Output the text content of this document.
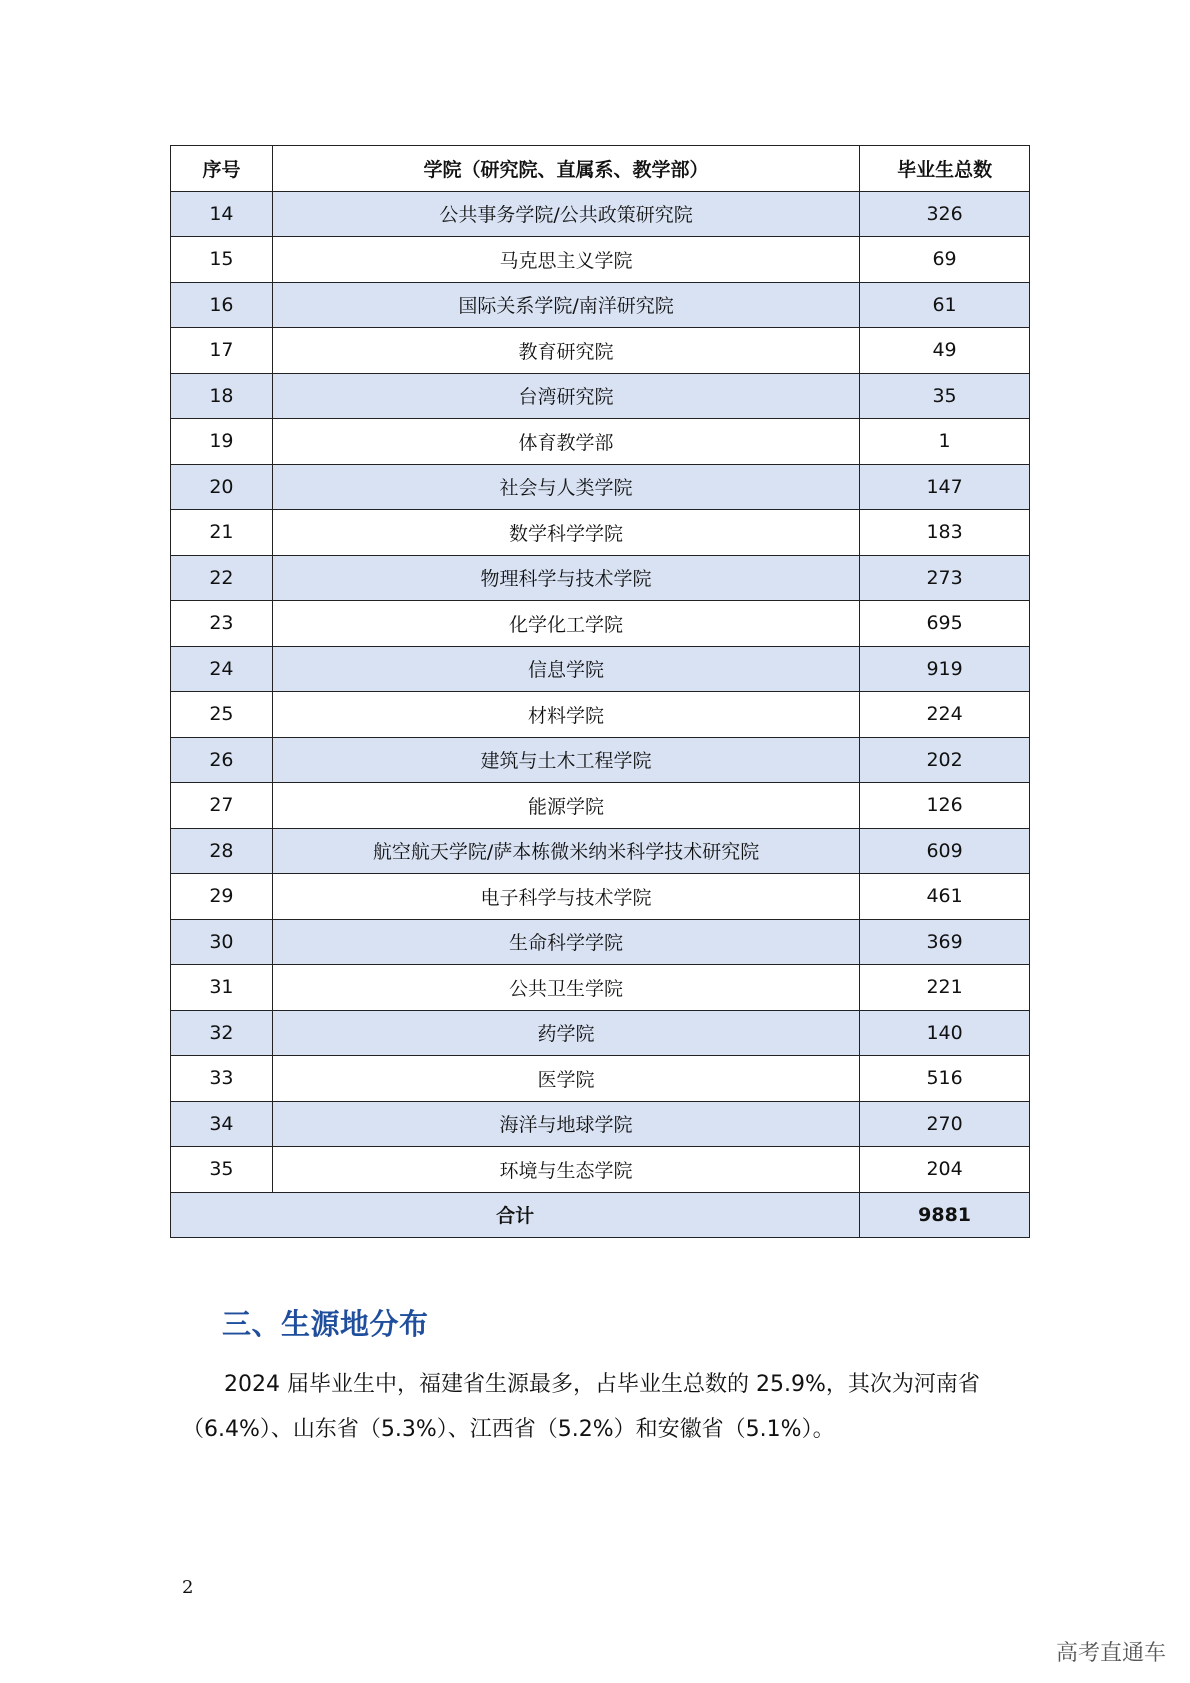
序号	学院（研究院、直属系、教学部）	毕业生总数
14	公共事务学院/公共政策研究院	326
15	马克思主义学院	69
16	国际关系学院/南洋研究院	61
17	教育研究院	49
18	台湾研究院	35
19	体育教学部	1
20	社会与人类学院	147
21	数学科学学院	183
22	物理科学与技术学院	273
23	化学化工学院	695
24	信息学院	919
25	材料学院	224
26	建筑与土木工程学院	202
27	能源学院	126
28	航空航天学院/萨本栋微米纳米科学技术研究院	609
29	电子科学与技术学院	461
30	生命科学学院	369
31	公共卫生学院	221
32	药学院	140
33	医学院	516
34	海洋与地球学院	270
35	环境与生态学院	204
合计		9881
三、生源地分布
2024 届毕业生中，福建省生源最多，占毕业生总数的 25.9%，其次为河南省（6.4%）、山东省（5.3%）、江西省（5.2%）和安徽省（5.1%）。
2
高考直通车
